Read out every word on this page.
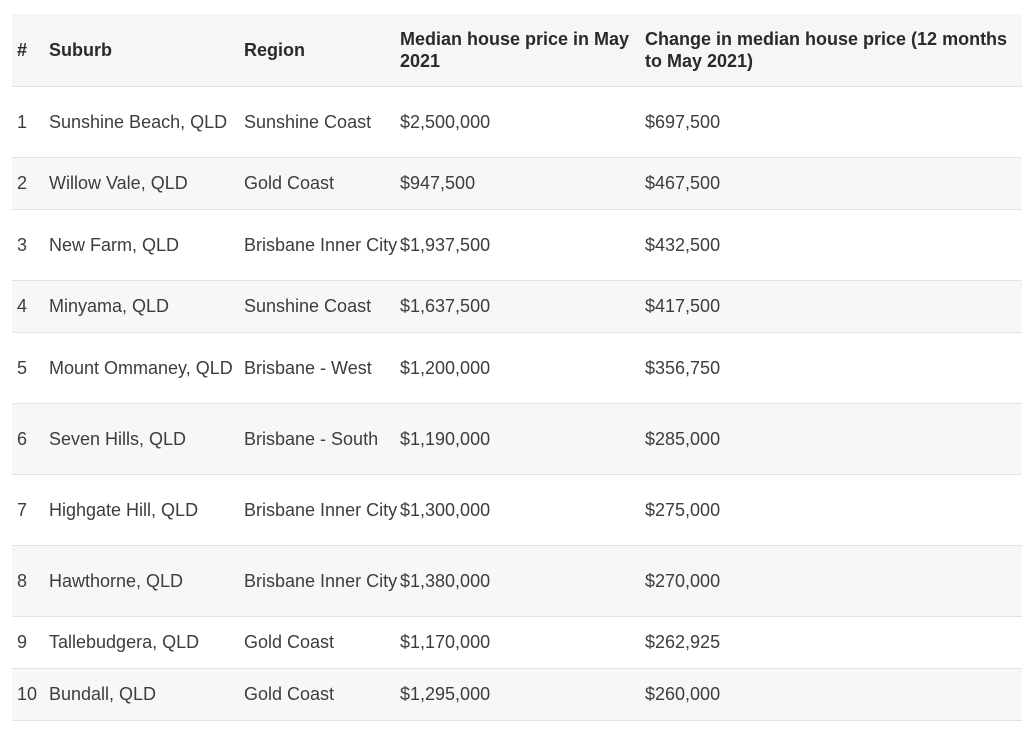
#	Suburb	Region	Median house price in May 2021	Change in median house price (12 months to May 2021)
1	Sunshine Beach, QLD	Sunshine Coast	$2,500,000	$697,500
2	Willow Vale, QLD	Gold Coast	$947,500	$467,500
3	New Farm, QLD	Brisbane Inner City	$1,937,500	$432,500
4	Minyama, QLD	Sunshine Coast	$1,637,500	$417,500
5	Mount Ommaney, QLD	Brisbane - West	$1,200,000	$356,750
6	Seven Hills, QLD	Brisbane - South	$1,190,000	$285,000
7	Highgate Hill, QLD	Brisbane Inner City	$1,300,000	$275,000
8	Hawthorne, QLD	Brisbane Inner City	$1,380,000	$270,000
9	Tallebudgera, QLD	Gold Coast	$1,170,000	$262,925
10	Bundall, QLD	Gold Coast	$1,295,000	$260,000
